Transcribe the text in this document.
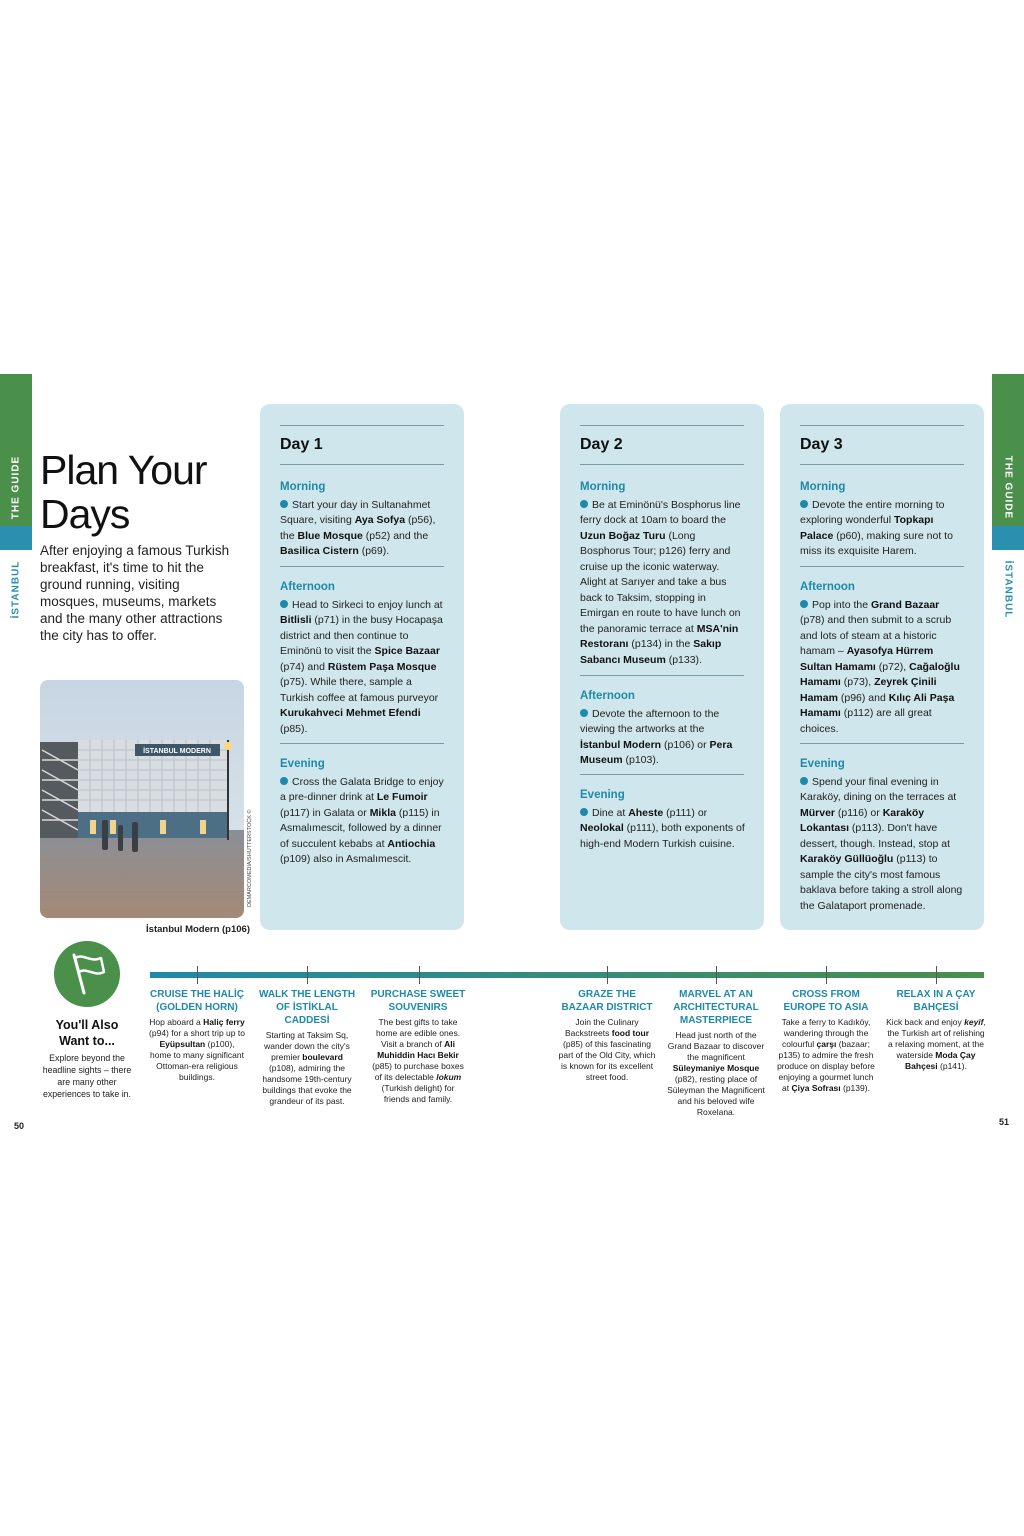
THE GUIDE
İSTANBUL
THE GUIDE
İSTANBUL
Plan Your
Days
After enjoying a famous Turkish breakfast, it's time to hit the ground running, visiting mosques, museums, markets and the many other attractions the city has to offer.
İSTANBUL MODERN
DEMARCOMEDIA/SHUTTERSTOCK ©
İstanbul Modern (p106)
Day 1
Morning
Start your day in Sultanahmet Square, visiting Aya Sofya (p56), the Blue Mosque (p52) and the Basilica Cistern (p69).
Afternoon
Head to Sirkeci to enjoy lunch at Bitlisli (p71) in the busy Hocapaşa district and then continue to Eminönü to visit the Spice Bazaar (p74) and Rüstem Paşa Mosque (p75). While there, sample a Turkish coffee at famous purveyor Kurukahveci Mehmet Efendi (p85).
Evening
Cross the Galata Bridge to enjoy a pre-dinner drink at Le Fumoir (p117) in Galata or Mikla (p115) in Asmalımescit, followed by a dinner of succulent kebabs at Antiochia (p109) also in Asmalımescit.
Day 2
Morning
Be at Eminönü's Bosphorus line ferry dock at 10am to board the Uzun Boğaz Turu (Long Bosphorus Tour; p126) ferry and cruise up the iconic waterway. Alight at Sarıyer and take a bus back to Taksim, stopping in Emirgan en route to have lunch on the panoramic terrace at MSA'nin Restoranı (p134) in the Sakıp Sabancı Museum (p133).
Afternoon
Devote the afternoon to the viewing the artworks at the İstanbul Modern (p106) or Pera Museum (p103).
Evening
Dine at Aheste (p111) or Neolokal (p111), both exponents of high-end Modern Turkish cuisine.
Day 3
Morning
Devote the entire morning to exploring wonderful Topkapı Palace (p60), making sure not to miss its exquisite Harem.
Afternoon
Pop into the Grand Bazaar (p78) and then submit to a scrub and lots of steam at a historic hamam – Ayasofya Hürrem Sultan Hamamı (p72), Cağaloğlu Hamamı (p73), Zeyrek Çinili Hamam (p96) and Kılıç Ali Paşa Hamamı (p112) are all great choices.
Evening
Spend your final evening in Karaköy, dining on the terraces at Mürver (p116) or Karaköy Lokantası (p113). Don't have dessert, though. Instead, stop at Karaköy Güllüoğlu (p113) to sample the city's most famous baklava before taking a stroll along the Galataport promenade.
You'll Also Want to...
Explore beyond the headline sights – there are many other experiences to take in.
CRUISE THE HALİÇ (GOLDEN HORN)
Hop aboard a Haliç ferry (p94) for a short trip up to Eyüpsultan (p100), home to many significant Ottoman-era religious buildings.
WALK THE LENGTH OF İSTİKLAL CADDESİ
Starting at Taksim Sq, wander down the city's premier boulevard (p108), admiring the handsome 19th-century buildings that evoke the grandeur of its past.
PURCHASE SWEET SOUVENIRS
The best gifts to take home are edible ones. Visit a branch of Ali Muhiddin Hacı Bekir (p85) to purchase boxes of its delectable lokum (Turkish delight) for friends and family.
GRAZE THE BAZAAR DISTRICT
Join the Culinary Backstreets food tour (p85) of this fascinating part of the Old City, which is known for its excellent street food.
MARVEL AT AN ARCHITECTURAL MASTERPIECE
Head just north of the Grand Bazaar to discover the magnificent Süleymaniye Mosque (p82), resting place of Süleyman the Magnificent and his beloved wife Roxelana.
CROSS FROM EUROPE TO ASIA
Take a ferry to Kadıköy, wandering through the colourful çarşı (bazaar; p135) to admire the fresh produce on display before enjoying a gourmet lunch at Çiya Sofrası (p139).
RELAX IN A ÇAY BAHÇESİ
Kick back and enjoy keyif, the Turkish art of relishing a relaxing moment, at the waterside Moda Çay Bahçesi (p141).
50	51
